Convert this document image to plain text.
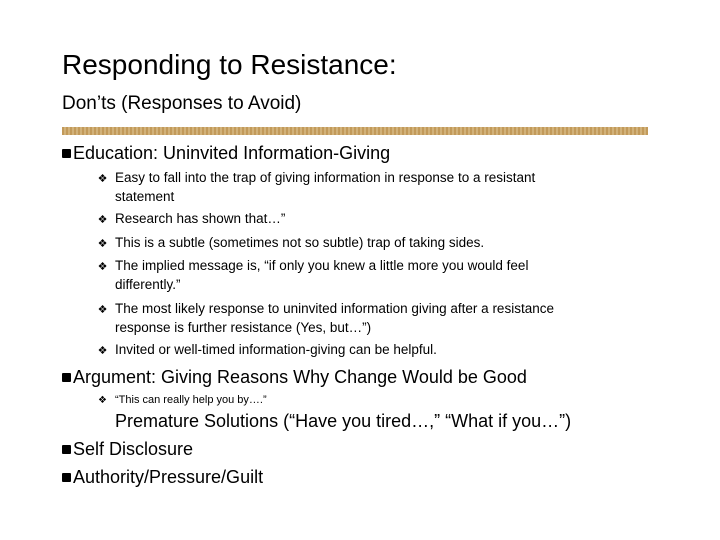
Responding to Resistance:
Don’ts (Responses to Avoid)
Education: Uninvited Information-Giving
❖ Easy to fall into the trap of giving information in response to a resistant
statement
❖ Research has shown that…”
❖ This is a subtle (sometimes not so subtle) trap of taking sides.
❖ The implied message is, “if only you knew a little more you would feel
differently.”
❖ The most likely response to uninvited information giving after a resistance
response is further resistance (Yes, but…”)
❖ Invited or well-timed information-giving can be helpful.
Argument: Giving Reasons Why Change Would be Good
❖ “This can really help you by….”
Premature Solutions (“Have you tired…,” “What if you…”)
Self Disclosure
Authority/Pressure/Guilt
